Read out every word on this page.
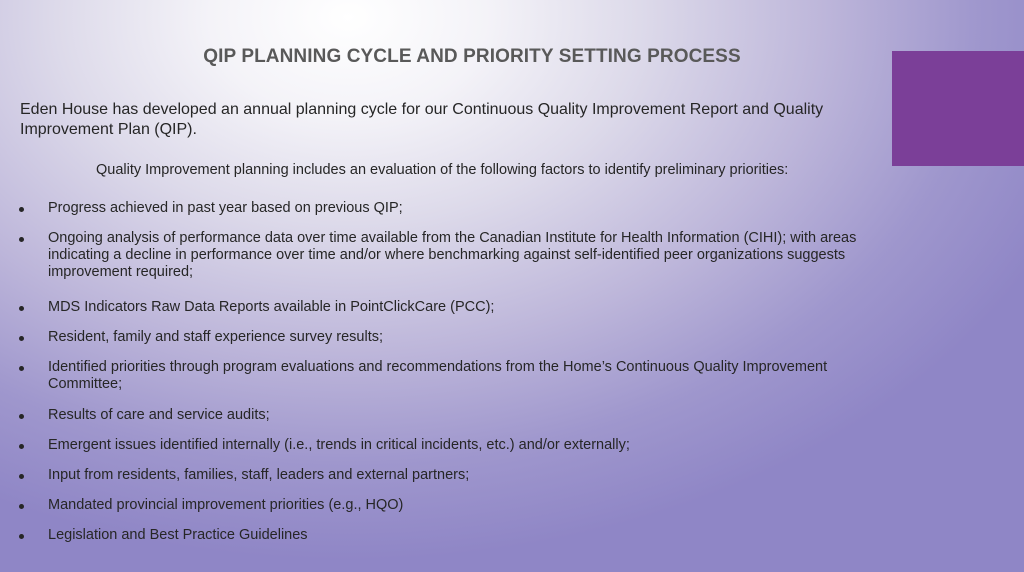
QIP PLANNING CYCLE AND PRIORITY SETTING PROCESS

Eden House has developed an annual planning cycle for our Continuous Quality Improvement Report and Quality Improvement Plan (QIP).

Quality Improvement planning includes an evaluation of the following factors to identify preliminary priorities:

Progress achieved in past year based on previous QIP;
Ongoing analysis of performance data over time available from the Canadian Institute for Health Information (CIHI); with areas indicating a decline in performance over time and/or where benchmarking against self-identified peer organizations suggests improvement required;
MDS Indicators Raw Data Reports available in PointClickCare (PCC);
Resident, family and staff experience survey results;
Identified priorities through program evaluations and recommendations from the Home’s Continuous Quality Improvement Committee;
Results of care and service audits;
Emergent issues identified internally (i.e., trends in critical incidents, etc.) and/or externally;
Input from residents, families, staff, leaders and external partners;
Mandated provincial improvement priorities (e.g., HQO)
Legislation and Best Practice Guidelines
